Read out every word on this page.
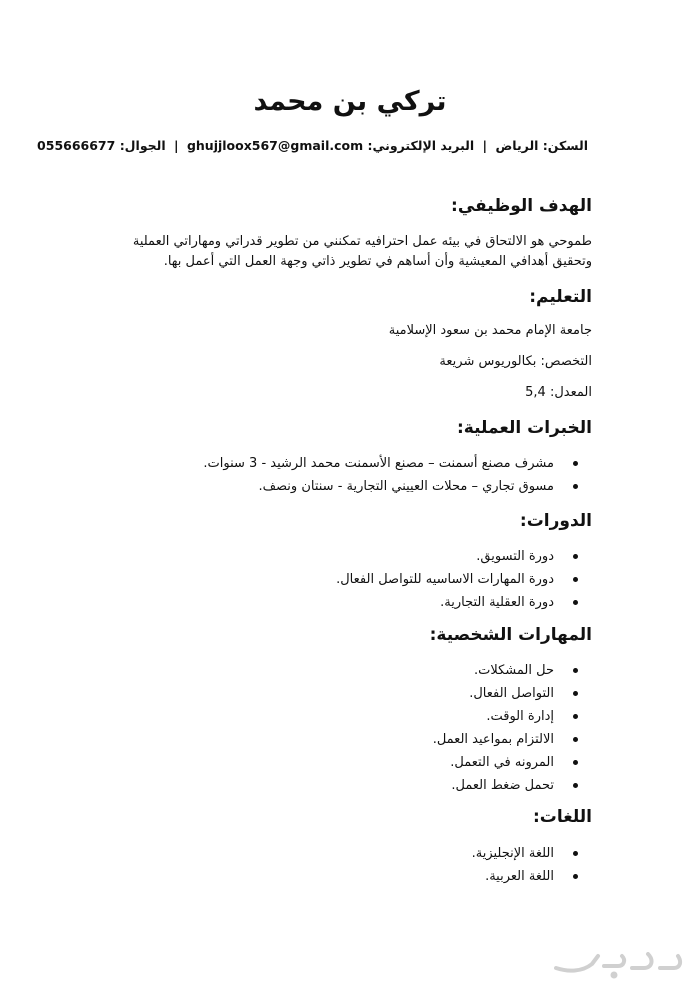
تركي بن محمد
السكن: الرياض | البريد الإلكتروني: ghujjloox567@gmail.com | الجوال: 055666677
الهدف الوظيفي:

طموحي هو الالتحاق في بيئه عمل احترافيه تمكنني من تطوير قدراتي ومهاراتي العملية وتحقيق أهدافي المعيشية وأن أساهم في تطوير ذاتي وجهة العمل التي أعمل بها.

التعليم:

جامعة الإمام محمد بن سعود الإسلامية

التخصص: بكالوريوس شريعة

المعدل: 5,4

الخبرات العملية:
مشرف مصنع أسمنت – مصنع الأسمنت محمد الرشيد - 3 سنوات.
مسوق تجاري – محلات العييني التجارية - سنتان ونصف.
الدورات:
دورة التسويق.
دورة المهارات الاساسيه للتواصل الفعال.
دورة العقلية التجارية.
المهارات الشخصية:
حل المشكلات.
التواصل الفعال.
إدارة الوقت.
الالتزام بمواعيد العمل.
المرونه في التعمل.
تحمل ضغط العمل.
اللغات:
اللغة الإنجليزية.
اللغة العربية.
